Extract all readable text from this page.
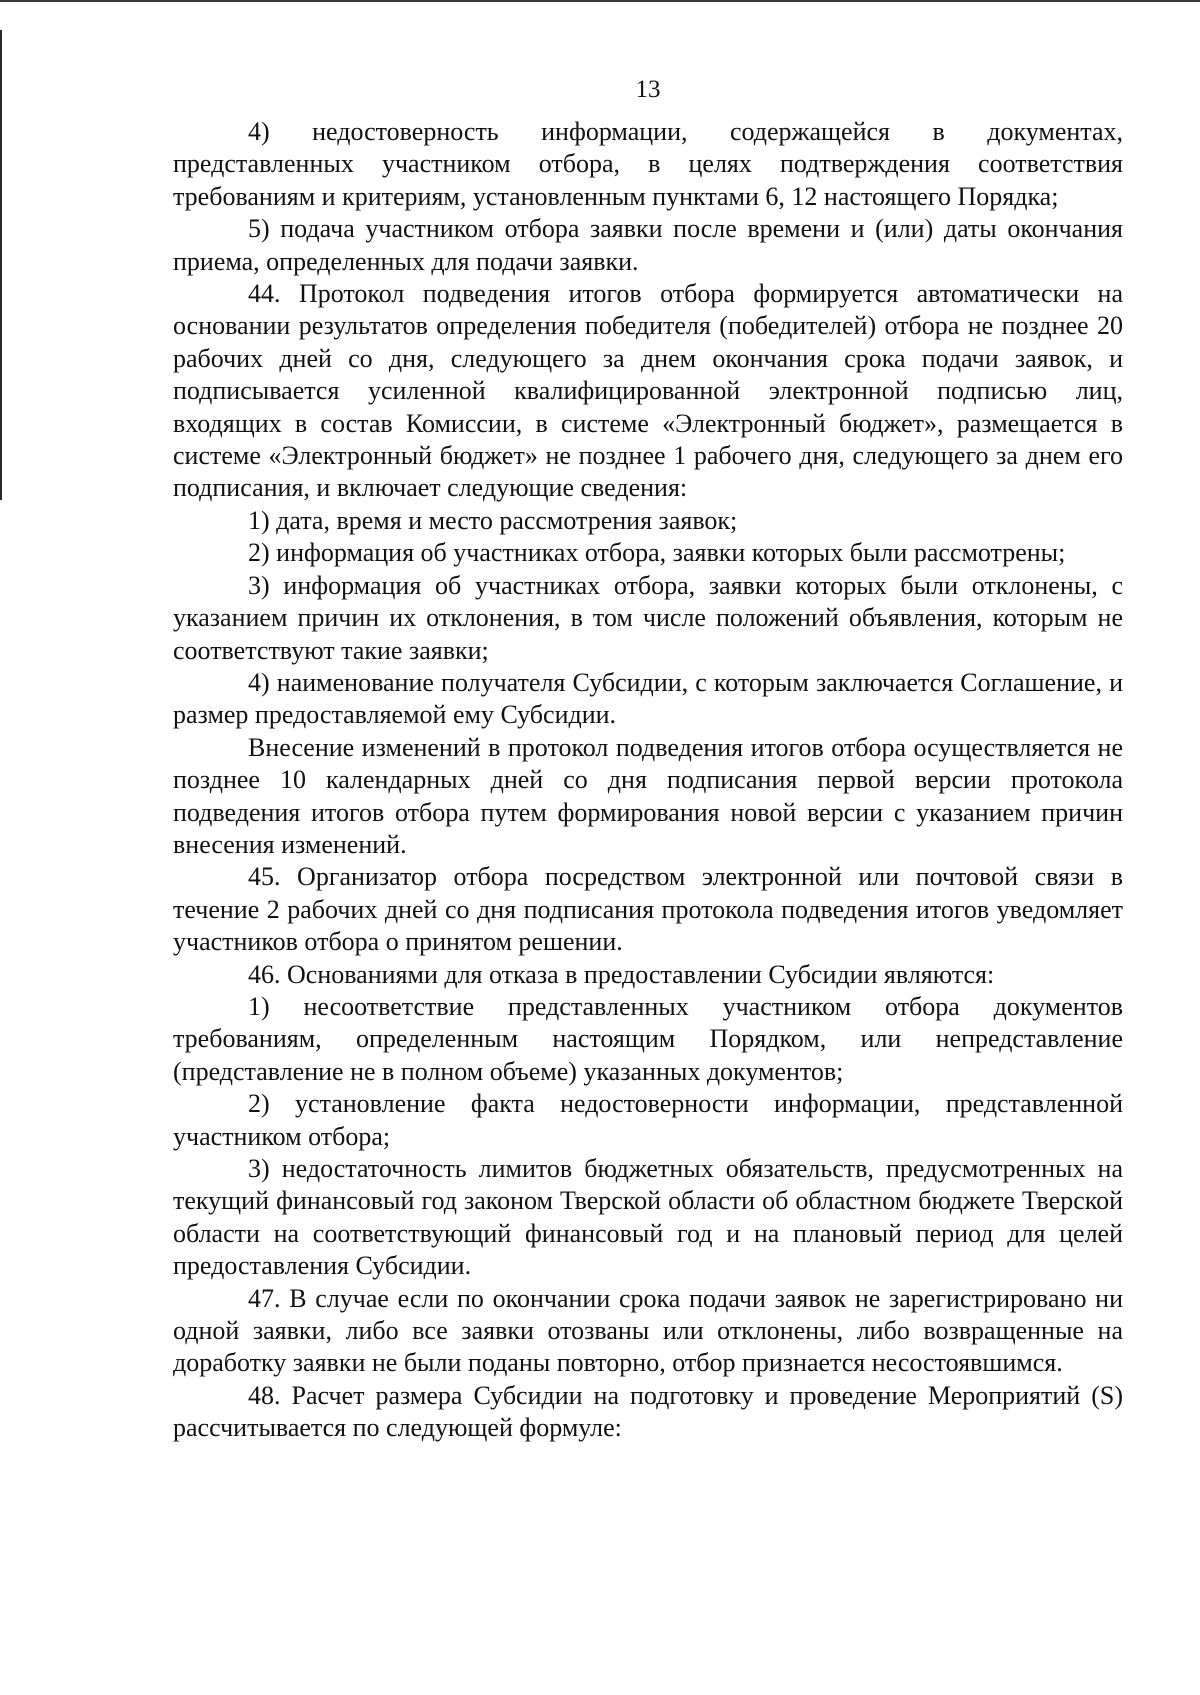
13

4) недостоверность информации, содержащейся в документах, представленных участником отбора, в целях подтверждения соответствия требованиям и критериям, установленным пунктами 6, 12 настоящего Порядка;

5) подача участником отбора заявки после времени и (или) даты окончания приема, определенных для подачи заявки.

44. Протокол подведения итогов отбора формируется автоматически на основании результатов определения победителя (победителей) отбора не позднее 20 рабочих дней со дня, следующего за днем окончания срока подачи заявок, и подписывается усиленной квалифицированной электронной подписью лиц, входящих в состав Комиссии, в системе «Электронный бюджет», размещается в системе «Электронный бюджет» не позднее 1 рабочего дня, следующего за днем его подписания, и включает следующие сведения:

1) дата, время и место рассмотрения заявок;

2) информация об участниках отбора, заявки которых были рассмотрены;

3) информация об участниках отбора, заявки которых были отклонены, с указанием причин их отклонения, в том числе положений объявления, которым не соответствуют такие заявки;

4) наименование получателя Субсидии, с которым заключается Соглашение, и размер предоставляемой ему Субсидии.

Внесение изменений в протокол подведения итогов отбора осуществляется не позднее 10 календарных дней со дня подписания первой версии протокола подведения итогов отбора путем формирования новой версии с указанием причин внесения изменений.

45. Организатор отбора посредством электронной или почтовой связи в течение 2 рабочих дней со дня подписания протокола подведения итогов уведомляет участников отбора о принятом решении.

46. Основаниями для отказа в предоставлении Субсидии являются:

1) несоответствие представленных участником отбора документов требованиям, определенным настоящим Порядком, или непредставление (представление не в полном объеме) указанных документов;

2) установление факта недостоверности информации, представленной участником отбора;

3) недостаточность лимитов бюджетных обязательств, предусмотренных на текущий финансовый год законом Тверской области об областном бюджете Тверской области на соответствующий финансовый год и на плановый период для целей предоставления Субсидии.

47. В случае если по окончании срока подачи заявок не зарегистрировано ни одной заявки, либо все заявки отозваны или отклонены, либо возвращенные на доработку заявки не были поданы повторно, отбор признается несостоявшимся.

48. Расчет размера Субсидии на подготовку и проведение Мероприятий (S) рассчитывается по следующей формуле:
